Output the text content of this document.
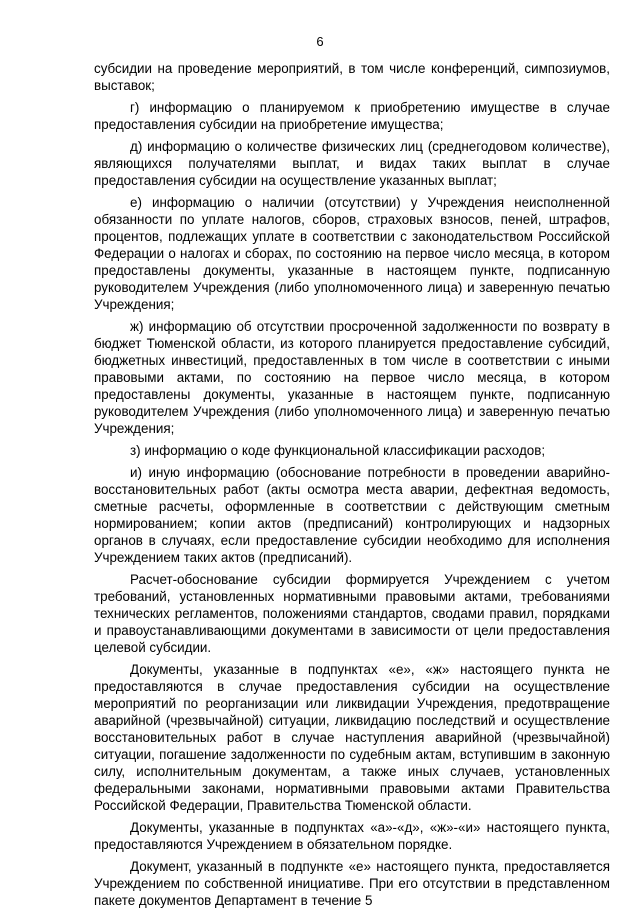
6

субсидии на проведение мероприятий, в том числе конференций, симпозиумов, выставок;

г) информацию о планируемом к приобретению имуществе в случае предоставления субсидии на приобретение имущества;

д) информацию о количестве физических лиц (среднегодовом количестве), являющихся получателями выплат, и видах таких выплат в случае предоставления субсидии на осуществление указанных выплат;

е) информацию о наличии (отсутствии) у Учреждения неисполненной обязанности по уплате налогов, сборов, страховых взносов, пеней, штрафов, процентов, подлежащих уплате в соответствии с законодательством Российской Федерации о налогах и сборах, по состоянию на первое число месяца, в котором предоставлены документы, указанные в настоящем пункте, подписанную руководителем Учреждения (либо уполномоченного лица) и заверенную печатью Учреждения;

ж) информацию об отсутствии просроченной задолженности по возврату в бюджет Тюменской области, из которого планируется предоставление субсидий, бюджетных инвестиций, предоставленных в том числе в соответствии с иными правовыми актами, по состоянию на первое число месяца, в котором предоставлены документы, указанные в настоящем пункте, подписанную руководителем Учреждения (либо уполномоченного лица) и заверенную печатью Учреждения;

з) информацию о коде функциональной классификации расходов;

и) иную информацию (обоснование потребности в проведении аварийно-восстановительных работ (акты осмотра места аварии, дефектная ведомость, сметные расчеты, оформленные в соответствии с действующим сметным нормированием; копии актов (предписаний) контролирующих и надзорных органов в случаях, если предоставление субсидии необходимо для исполнения Учреждением таких актов (предписаний).

Расчет-обоснование субсидии формируется Учреждением с учетом требований, установленных нормативными правовыми актами, требованиями технических регламентов, положениями стандартов, сводами правил, порядками и правоустанавливающими документами в зависимости от цели предоставления целевой субсидии.

Документы, указанные в подпунктах «е», «ж» настоящего пункта не предоставляются в случае предоставления субсидии на осуществление мероприятий по реорганизации или ликвидации Учреждения, предотвращение аварийной (чрезвычайной) ситуации, ликвидацию последствий и осуществление восстановительных работ в случае наступления аварийной (чрезвычайной) ситуации, погашение задолженности по судебным актам, вступившим в законную силу, исполнительным документам, а также иных случаев, установленных федеральными законами, нормативными правовыми актами Правительства Российской Федерации, Правительства Тюменской области.

Документы, указанные в подпунктах «а»-«д», «ж»-«и» настоящего пункта, предоставляются Учреждением в обязательном порядке.

Документ, указанный в подпункте «е» настоящего пункта, предоставляется Учреждением по собственной инициативе. При его отсутствии в представленном пакете документов Департамент в течение 5
